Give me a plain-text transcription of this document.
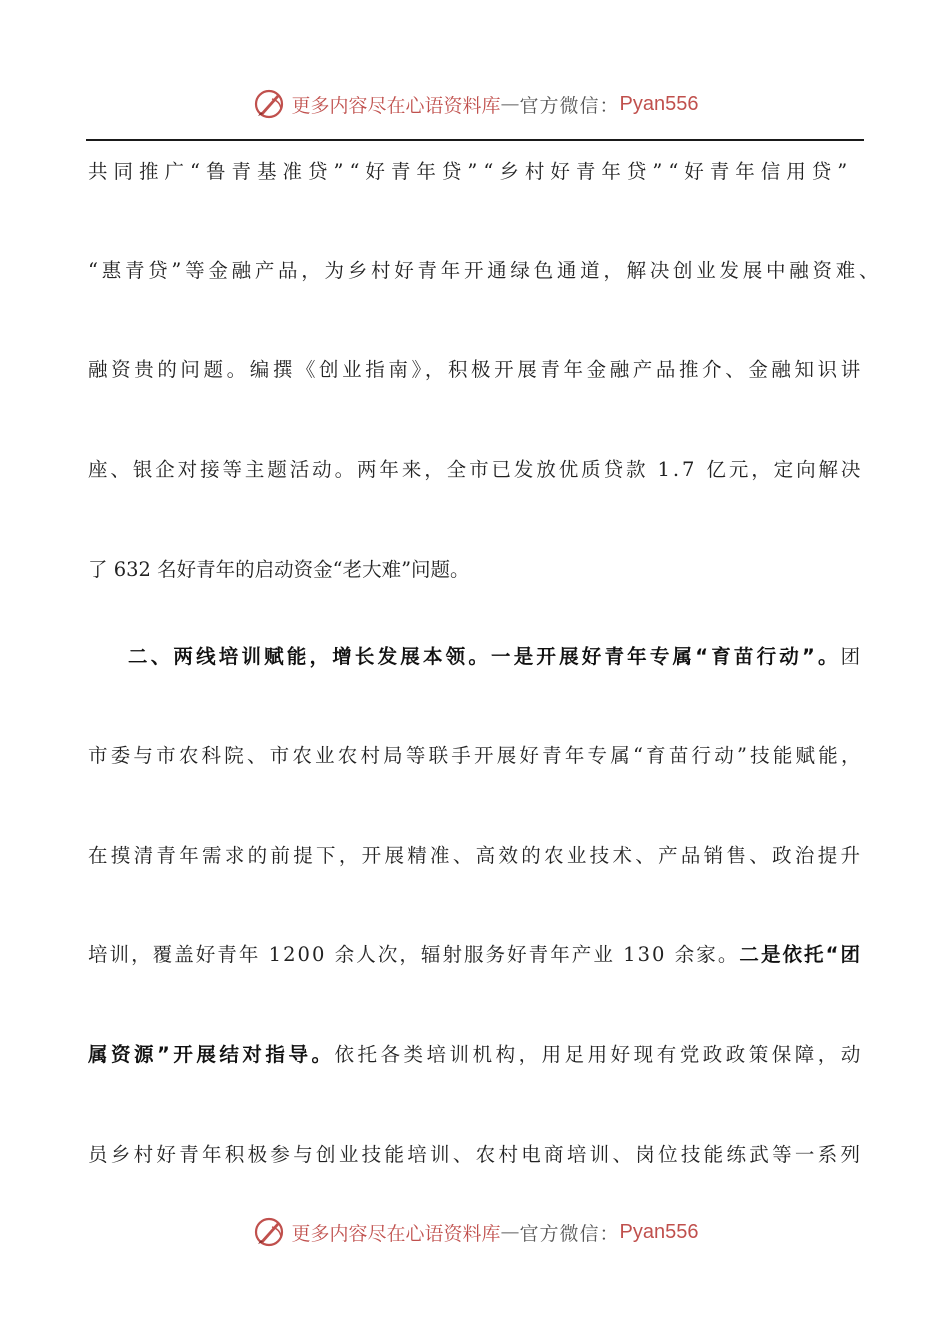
更多内容尽在心语资料库 — 官方微信： Pyan556
共同推广“鲁青基准贷”“好青年贷”“乡村好青年贷”“好青年信用贷”
“惠青贷”等金融产品，为乡村好青年开通绿色通道，解决创业发展中融资难、
融资贵的问题。编撰《创业指南》，积极开展青年金融产品推介、金融知识讲
座、银企对接等主题活动。两年来，全市已发放优质贷款 1.7 亿元，定向解决
了 632 名好青年的启动资金“老大难”问题。
二、两线培训赋能，增长发展本领。一是开展好青年专属“育苗行动”。团
市委与市农科院、市农业农村局等联手开展好青年专属“育苗行动”技能赋能，
在摸清青年需求的前提下，开展精准、高效的农业技术、产品销售、政治提升
培训，覆盖好青年 1200 余人次，辐射服务好青年产业 130 余家。二是依托“团
属资源”开展结对指导。依托各类培训机构，用足用好现有党政政策保障，动
员乡村好青年积极参与创业技能培训、农村电商培训、岗位技能练武等一系列
更多内容尽在心语资料库 — 官方微信： Pyan556
